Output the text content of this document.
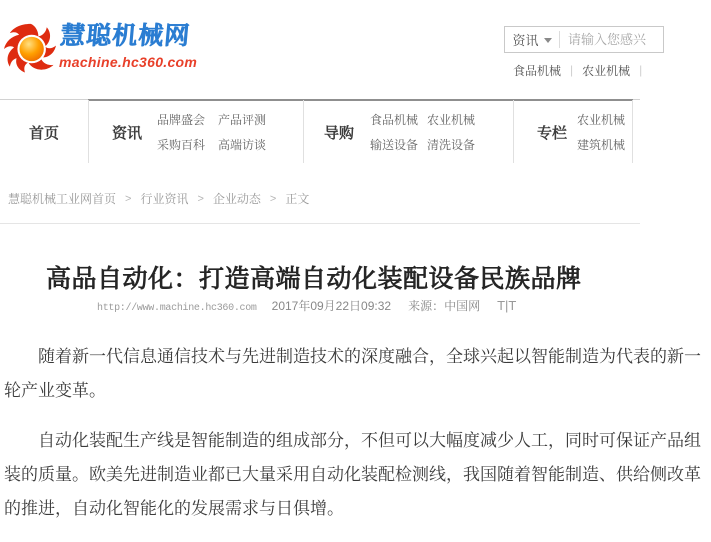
慧聪机械网
machine.hc360.com
资讯
请输入您感兴
食品机械 | 农业机械 |
首页	资讯
品牌盛会 产品评测
采购百科 高端访谈
导购
食品机械 农业机械
输送设备 清洗设备
专栏
农业机械
建筑机械
慧聪机械工业网首页 > 行业资讯 > 企业动态 > 正文
高品自动化：打造高端自动化装配设备民族品牌
http://www.machine.hc360.com 2017年09月22日09:32 来源：中国网 T|T

随着新一代信息通信技术与先进制造技术的深度融合，全球兴起以智能制造为代表的新一轮产业变革。

自动化装配生产线是智能制造的组成部分，不但可以大幅度减少人工，同时可保证产品组装的质量。欧美先进制造业都已大量采用自动化装配检测线，我国随着智能制造、供给侧改革的推进，自动化智能化的发展需求与日俱增。
